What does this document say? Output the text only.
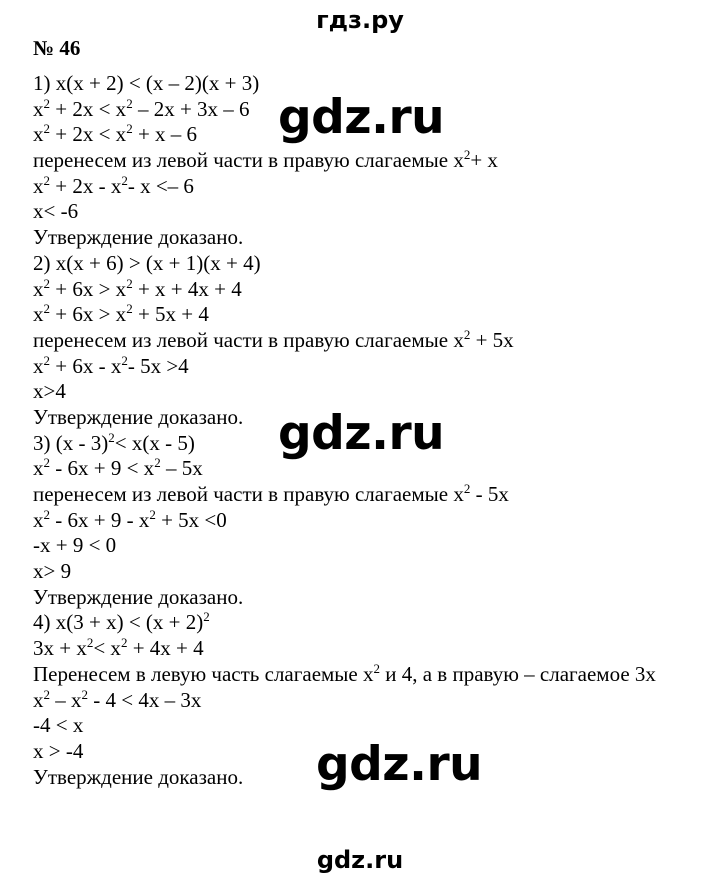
гдз.ру
№ 46
1) x(x + 2) < (x – 2)(x + 3)
$x^2 + 2x < x^2 - 2x + 3x - 6$
$x^2 + 2x < x^2 + x - 6$
перенесем из левой части в правую слагаемые $x^2+ x$
$x^2 + 2x - x^2-$ x <– 6
x< -6
Утверждение доказано.
2) x(x + 6) > (x + 1)(x + 4)
$x^2 + 6x > x^2 + x + 4x + 4$
$x^2 + 6x > x^2 + 5x + 4$
перенесем из левой части в правую слагаемые $x^2 + 5x$
$x^2 + 6x - x^2-$ 5x >4
x>4
Утверждение доказано.
3) (x - 3)$^2$< x(x - 5)
$x^2 - 6x + 9 < x^2 - 5x$
перенесем из левой части в правую слагаемые $x^2 - 5x$
$x^2 - 6x + 9 - x^2 + 5x <0$
-x + 9 < 0
x> 9
Утверждение доказано.
4) $x(3 + x) < (x + 2)^2$
$3x + x^2< x^2 + 4x + 4$
Перенесем в левую часть слагаемые $x^2$ и 4, а в правую – слагаемое 3x
$x^2 - x^2 - 4 < 4x - 3x$
-4 < x
x > -4
Утверждение доказано.
gdz.ru
gdz.ru
gdz.ru
gdz.ru
